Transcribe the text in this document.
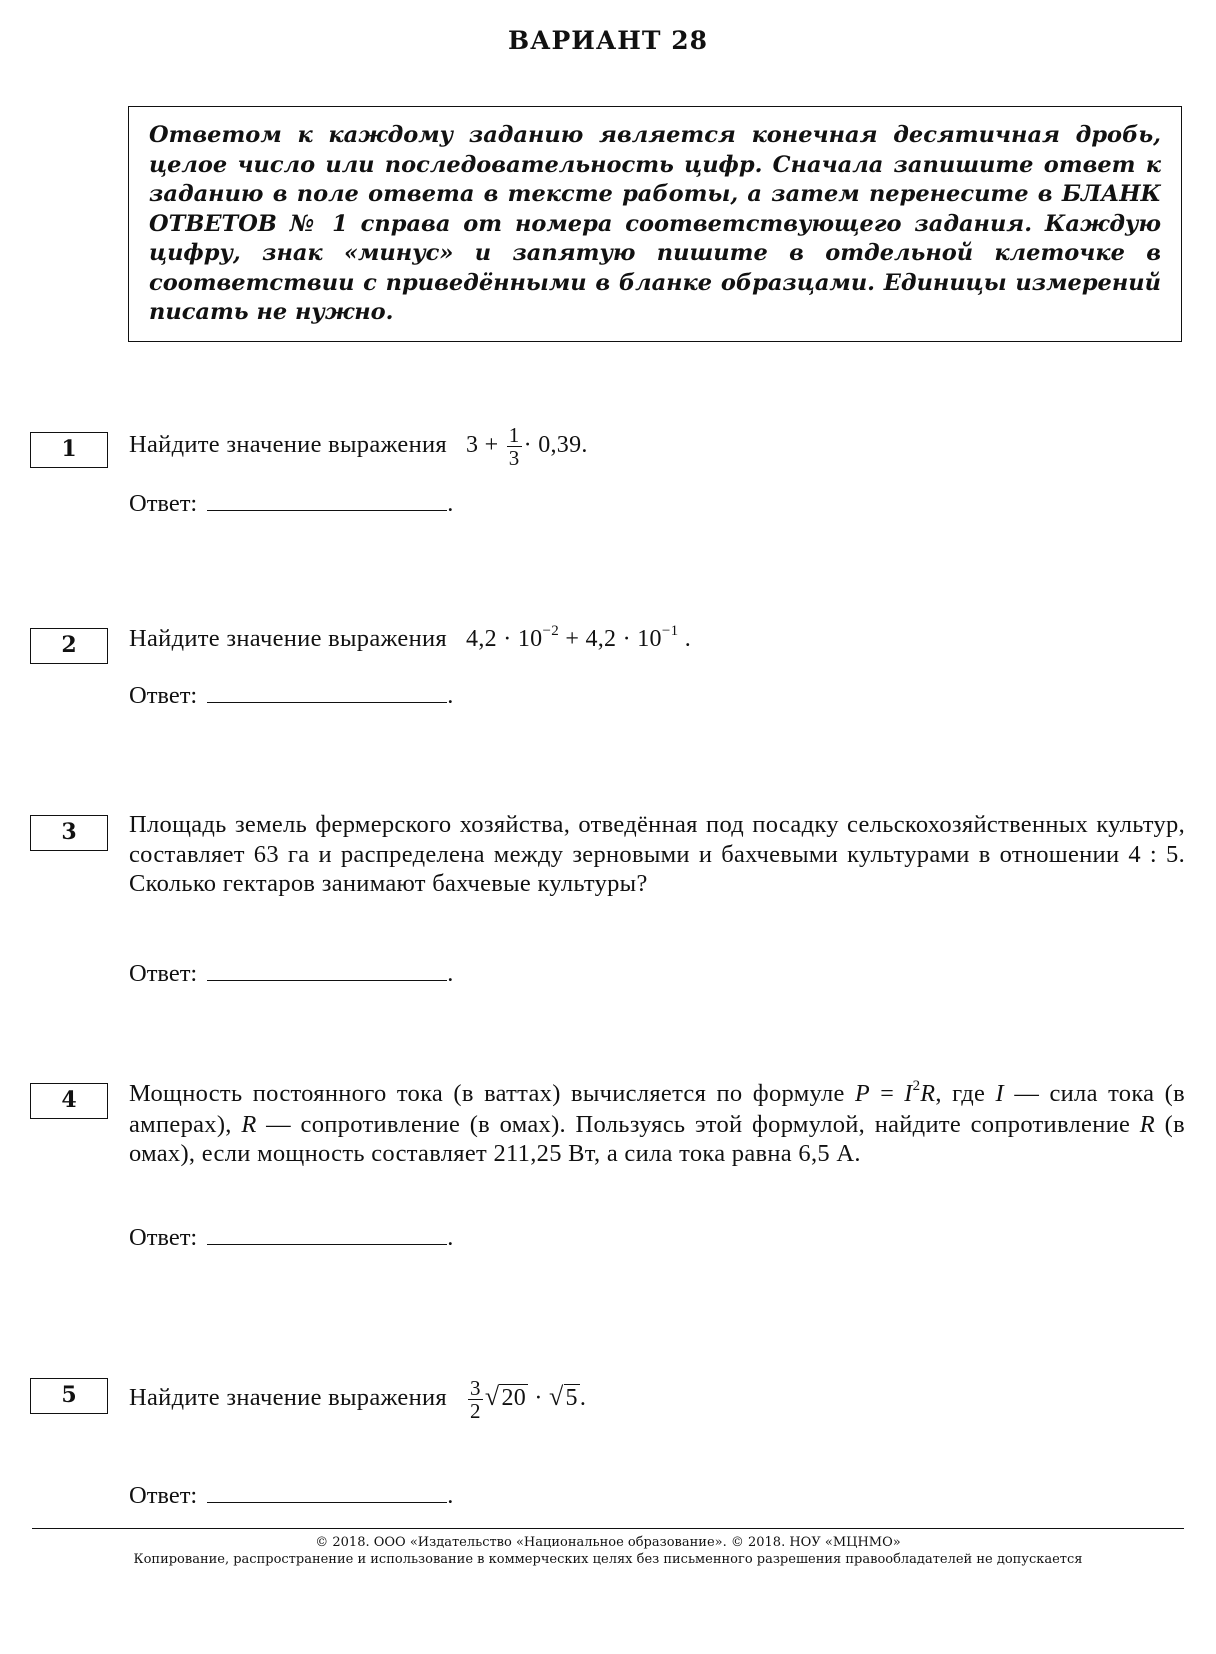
ВАРИАНТ 28
Ответом к каждому заданию является конечная десятичная дробь, целое число или последовательность цифр. Сначала запишите ответ к заданию в поле ответа в тексте работы, а затем перенесите в БЛАНК ОТВЕТОВ № 1 справа от номера соответствующего задания. Каждую цифру, знак «минус» и запятую пишите в отдельной клеточке в соответствии с приведёнными в бланке образцами. Единицы измерений писать не нужно.
1	Найдите значение выражения $3 + \frac{1}{3} \cdot 0,39$.
Ответ:	.
2	Найдите значение выражения $4,2 \cdot 10^{-2} + 4,2 \cdot 10^{-1}$ .
Ответ:	.
3	Площадь земель фермерского хозяйства, отведённая под посадку сельскохозяйственных культур, составляет 63 га и распределена между зерновыми и бахчевыми культурами в отношении 4 : 5. Сколько гектаров занимают бахчевые культуры?
Ответ:	.
4	Мощность постоянного тока (в ваттах) вычисляется по формуле $P = I^2R$, где I — сила тока (в амперах), R — сопротивление (в омах). Пользуясь этой формулой, найдите сопротивление R (в омах), если мощность составляет 211,25 Вт, а сила тока равна 6,5 А.
Ответ:	.
5	Найдите значение выражения $\frac{3}{2} √20 \cdot √5$.
Ответ:	.
© 2018. ООО «Издательство «Национальное образование». © 2018. НОУ «МЦНМО»
Копирование, распространение и использование в коммерческих целях без письменного разрешения правообладателей не допускается
